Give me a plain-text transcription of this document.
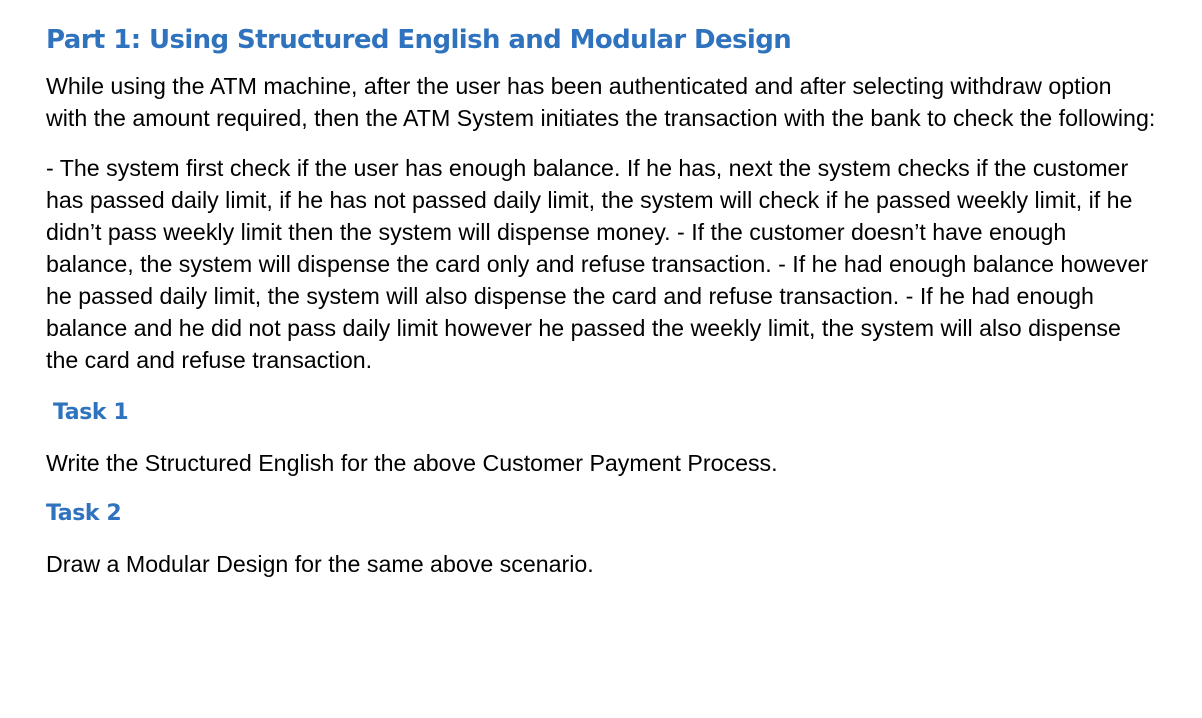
Part 1: Using Structured English and Modular Design

While using the ATM machine, after the user has been authenticated and after selecting withdraw option with the amount required, then the ATM System initiates the transaction with the bank to check the following:

- The system first check if the user has enough balance. If he has, next the system checks if the customer has passed daily limit, if he has not passed daily limit, the system will check if he passed weekly limit, if he didn’t pass weekly limit then the system will dispense money. - If the customer doesn’t have enough balance, the system will dispense the card only and refuse transaction. - If he had enough balance however he passed daily limit, the system will also dispense the card and refuse transaction. - If he had enough balance and he did not pass daily limit however he passed the weekly limit, the system will also dispense the card and refuse transaction.

Task 1

Write the Structured English for the above Customer Payment Process.

Task 2

Draw a Modular Design for the same above scenario.
